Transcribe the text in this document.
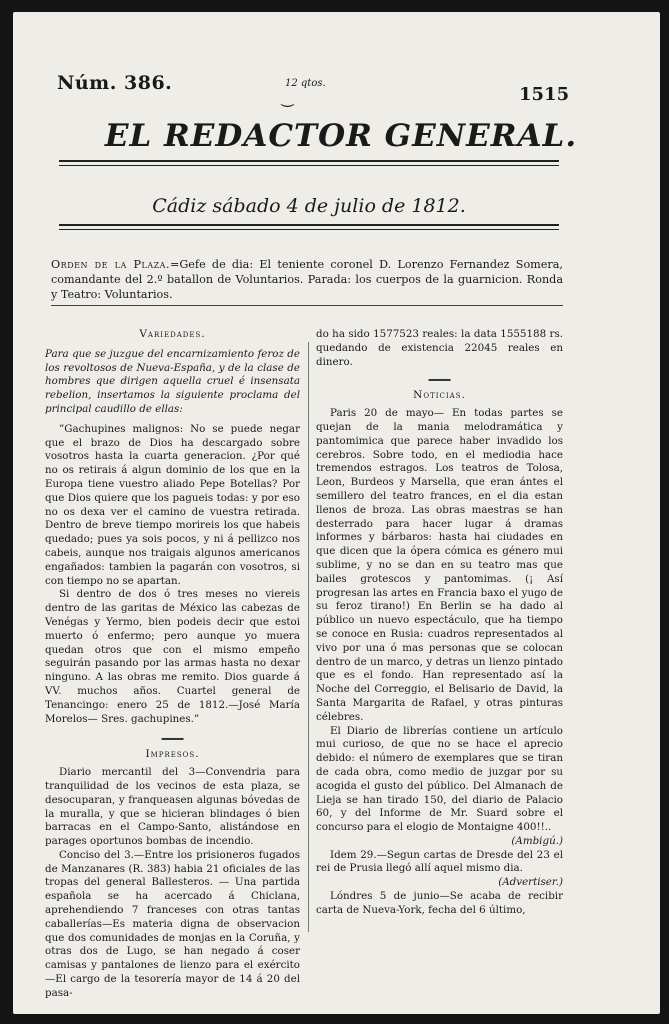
Núm. 386.	12 qtos.
⏝	1515
EL REDACTOR GENERAL.
Cádiz sábado 4 de julio de 1812.

Orden de la Plaza.=Gefe de dia: El teniente coronel D. Lorenzo Fernandez Somera, comandante del 2.º batallon de Voluntarios. Parada: los cuerpos de la guarnicion. Ronda y Teatro: Voluntarios.

Variedades.

Para que se juzgue del encarnizamiento feroz de los revoltosos de Nueva-España, y de la clase de hombres que dirigen aquella cruel é insensata rebelion, insertamos la siguiente proclama del principal caudillo de ellas:

”Gachupines malignos: No se puede negar que el brazo de Dios ha descargado sobre vosotros hasta la cuarta generacion. ¿Por qué no os retirais á algun dominio de los que en la Europa tiene vuestro aliado Pepe Botellas? Por que Dios quiere que los pagueis todas: y por eso no os dexa ver el camino de vuestra retirada. Dentro de breve tiempo morireis los que habeis quedado; pues ya sois pocos, y ni á pellizco nos cabeis, aunque nos traigais algunos americanos engañados: tambien la pagarán con vosotros, si con tiempo no se apartan.

Si dentro de dos ó tres meses no viereis dentro de las garitas de México las cabezas de Venégas y Yermo, bien podeis decir que estoi muerto ó enfermo; pero aunque yo muera quedan otros que con el mismo empeño seguirán pasando por las armas hasta no dexar ninguno. A las obras me remito. Dios guarde á VV. muchos años. Cuartel general de Tenancingo: enero 25 de 1812.—José María Morelos— Sres. gachupines.”

━━━

Impresos.

Diario mercantil del 3—Convendria para tranquilidad de los vecinos de esta plaza, se desocuparan, y franqueasen algunas bóvedas de la muralla, y que se hicieran blindages ó bien barracas en el Campo-Santo, alistándose en parages oportunos bombas de incendio.

Conciso del 3.—Entre los prisioneros fugados de Manzanares (R. 383) habia 21 oficiales de las tropas del general Ballesteros. — Una partida española se ha acercado á Chiclana, aprehendiendo 7 franceses con otras tantas caballerías—Es materia digna de observacion que dos comunidades de monjas en la Coruña, y otras dos de Lugo, se han negado á coser camisas y pantalones de lienzo para el exército—El cargo de la tesorería mayor de 14 á 20 del pasa-

do ha sido 1577523 reales: la data 1555188 rs. quedando de existencia 22045 reales en dinero.

━━━

Noticias.

Paris 20 de mayo— En todas partes se quejan de la mania melodramática y pantomimica que parece haber invadido los cerebros. Sobre todo, en el mediodia hace tremendos estragos. Los teatros de Tolosa, Leon, Burdeos y Marsella, que eran ántes el semillero del teatro frances, en el dia estan llenos de broza. Las obras maestras se han desterrado para hacer lugar á dramas informes y bárbaros: hasta hai ciudades en que dicen que la ópera cómica es género mui sublime, y no se dan en su teatro mas que bailes grotescos y pantomimas. (¡ Así progresan las artes en Francia baxo el yugo de su feroz tirano!) En Berlin se ha dado al público un nuevo espectáculo, que ha tiempo se conoce en Rusia: cuadros representados al vivo por una ó mas personas que se colocan dentro de un marco, y detras un lienzo pintado que es el fondo. Han representado así la Noche del Correggio, el Belisario de David, la Santa Margarita de Rafael, y otras pinturas célebres.

El Diario de librerías contiene un artículo mui curioso, de que no se hace el aprecio debido: el número de exemplares que se tiran de cada obra, como medio de juzgar por su acogida el gusto del público. Del Almanach de Lieja se han tirado 150, del diario de Palacio 60, y del Informe de Mr. Suard sobre el concurso para el elogio de Montaigne 400!!..

(Ambigú.)

Idem 29.—Segun cartas de Dresde del 23 el rei de Prusia llegó allí aquel mismo dia.

(Advertiser.)

Lóndres 5 de junio—Se acaba de recibir carta de Nueva-York, fecha del 6 último,
